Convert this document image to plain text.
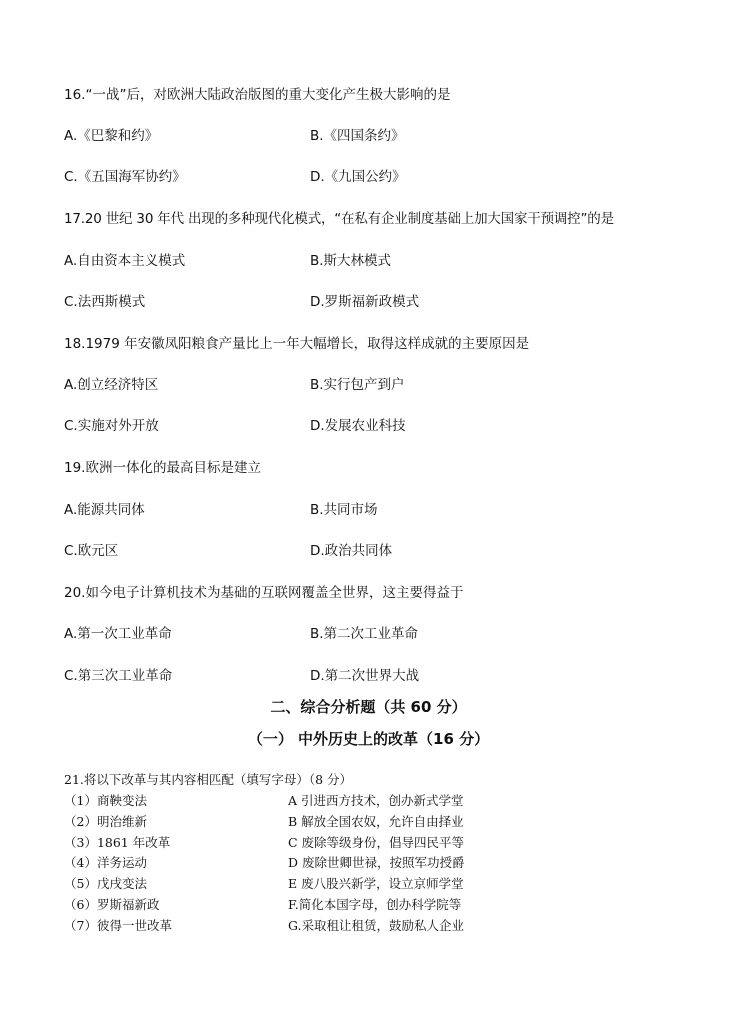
16.“一战”后，对欧洲大陆政治版图的重大变化产生极大影响的是
A.《巴黎和约》	B.《四国条约》
C.《五国海军协约》	D.《九国公约》
17.20 世纪 30 年代 出现的多种现代化模式，“在私有企业制度基础上加大国家干预调控”的是
A.自由资本主义模式	B.斯大林模式
C.法西斯模式	D.罗斯福新政模式
18.1979 年安徽凤阳粮食产量比上一年大幅增长，取得这样成就的主要原因是
A.创立经济特区	B.实行包产到户
C.实施对外开放	D.发展农业科技
19.欧洲一体化的最高目标是建立
A.能源共同体	B.共同市场
C.欧元区	D.政治共同体
20.如今电子计算机技术为基础的互联网覆盖全世界，这主要得益于
A.第一次工业革命	B.第二次工业革命
C.第三次工业革命	D.第二次世界大战
二、综合分析题（共 60 分）
（一） 中外历史上的改革（16 分）
21.将以下改革与其内容相匹配（填写字母）（8 分）
（1）商鞅变法	A 引进西方技术，创办新式学堂
（2）明治维新	B 解放全国农奴，允许自由择业
（3）1861 年改革	C 废除等级身份，倡导四民平等
（4）洋务运动	D 废除世卿世禄，按照军功授爵
（5）戊戌变法	E 废八股兴新学，设立京师学堂
（6）罗斯福新政	F.简化本国字母，创办科学院等
（7）彼得一世改革	G.采取租让租赁，鼓励私人企业
